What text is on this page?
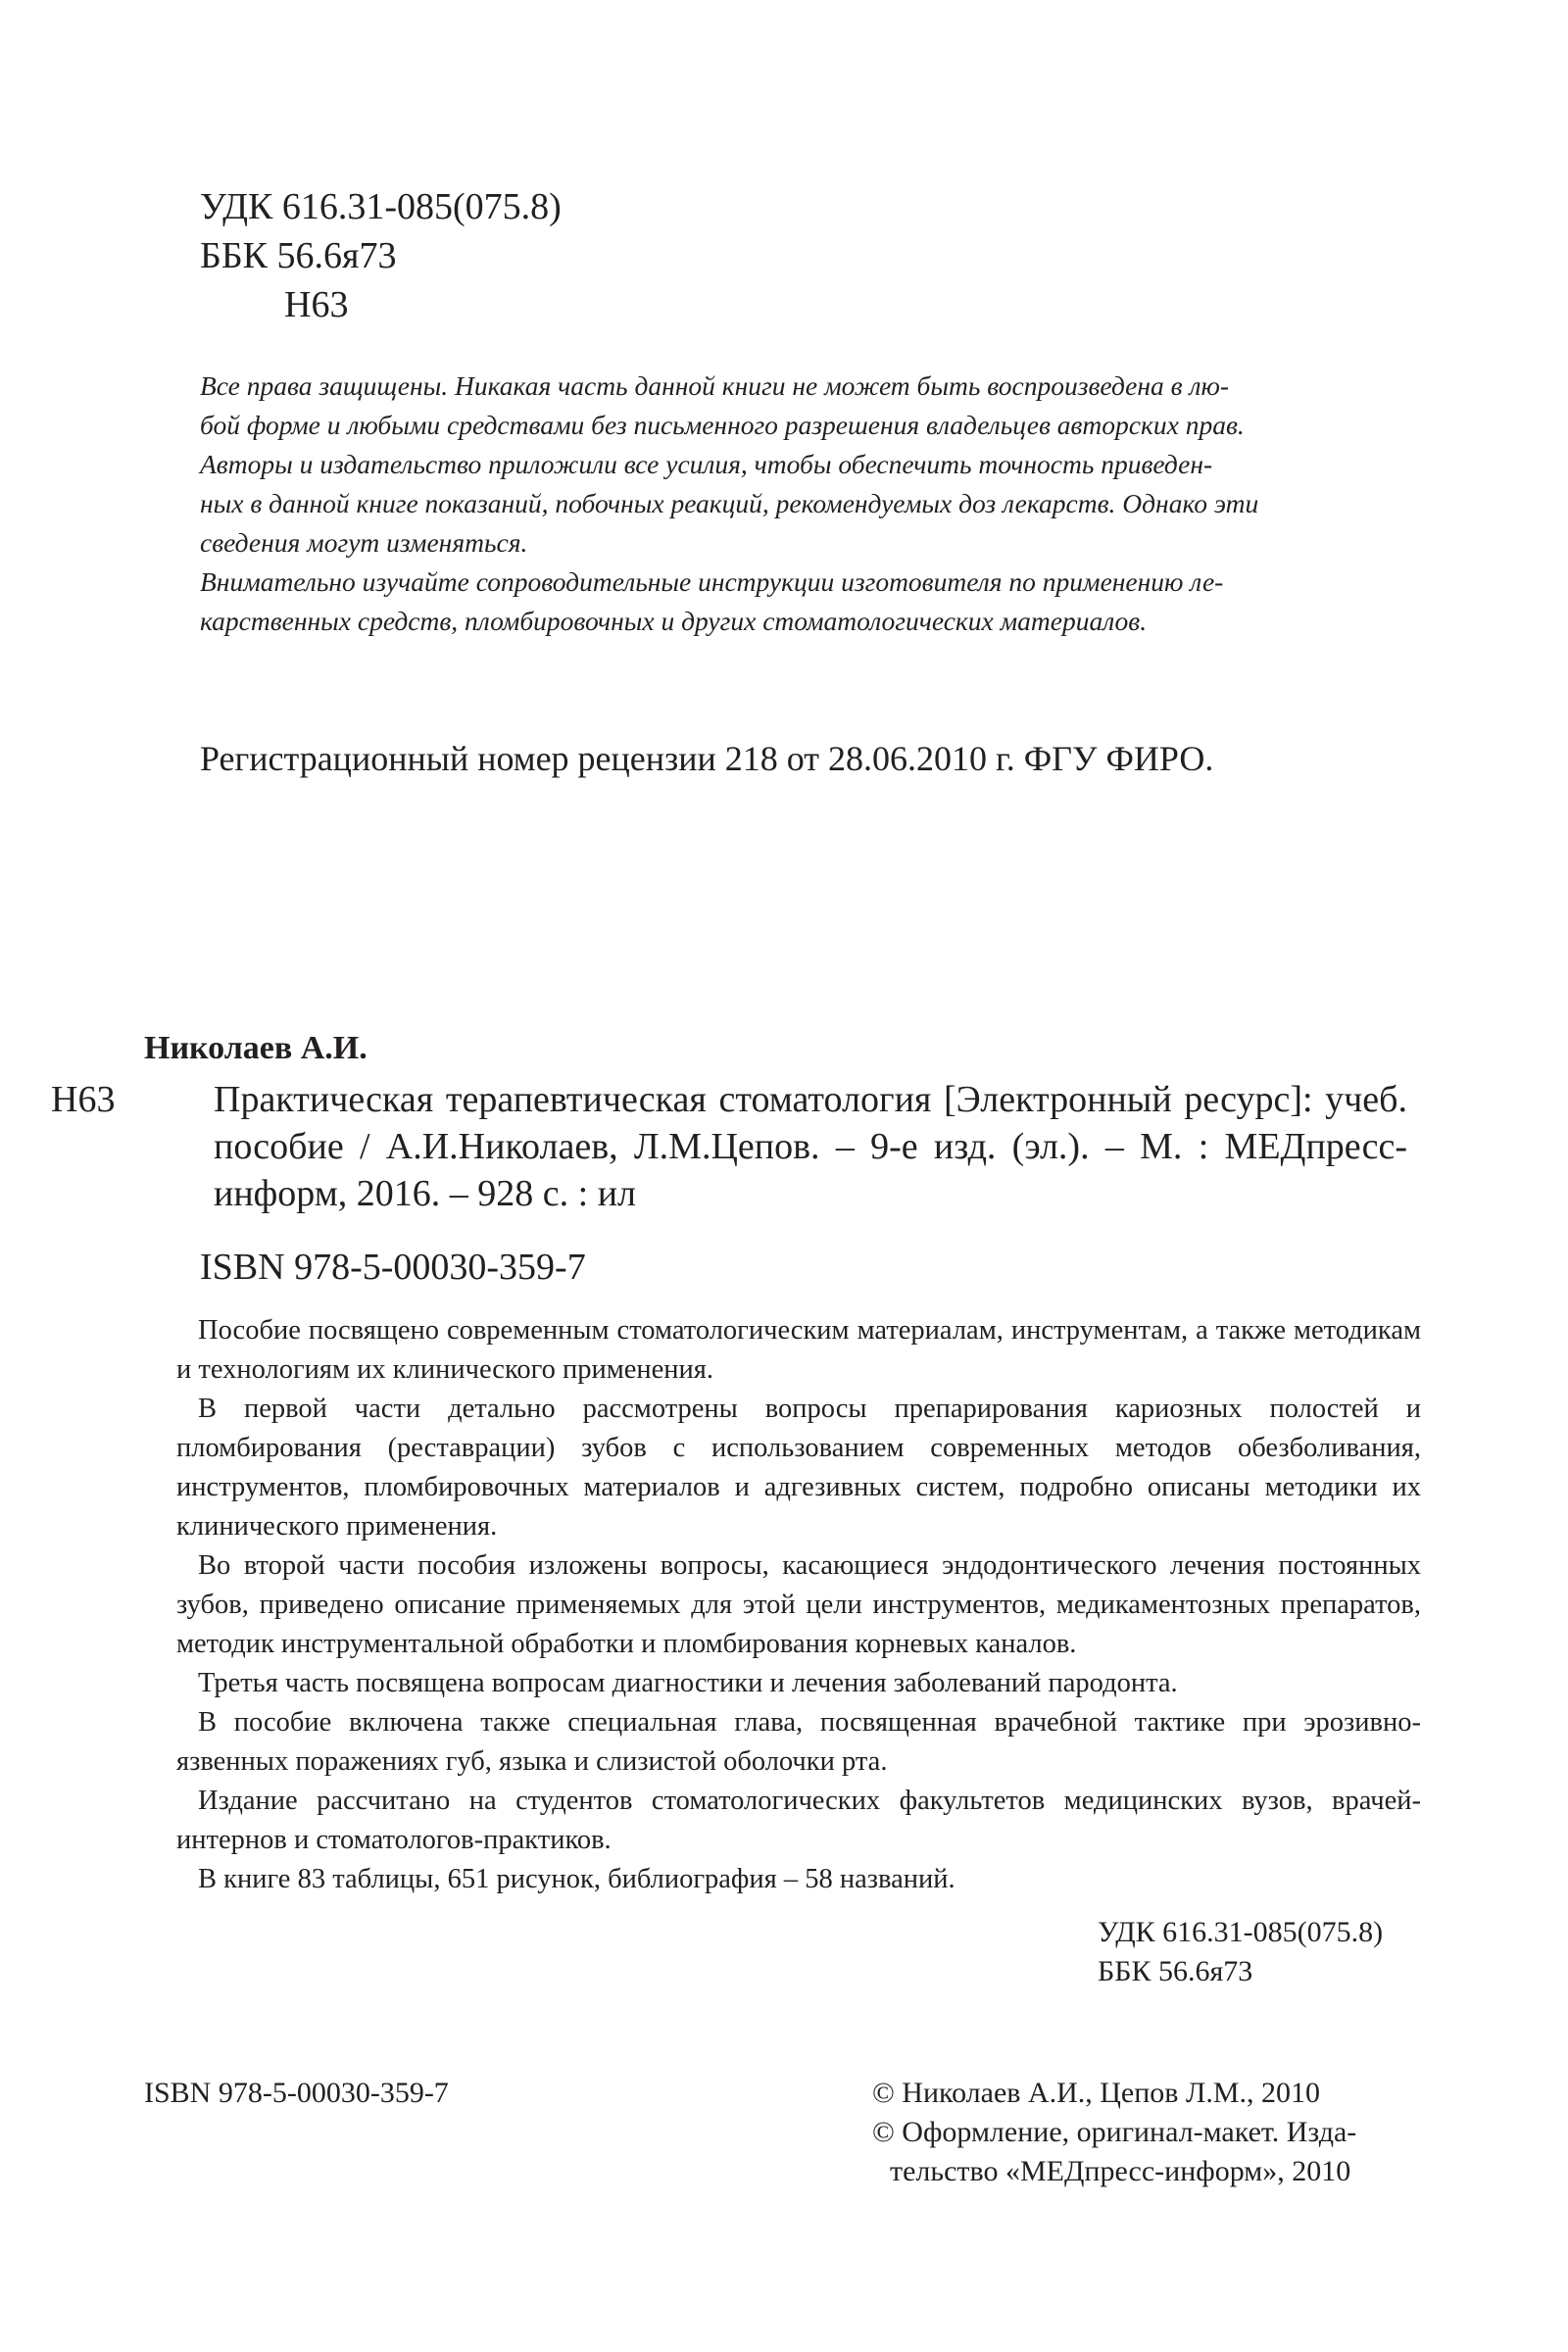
УДК 616.31-085(075.8)
ББК 56.6я73
Н63

Все права защищены. Никакая часть данной книги не может быть воспроизведена в лю-

бой форме и любыми средствами без письменного разрешения владельцев авторских прав.

Авторы и издательство приложили все усилия, чтобы обеспечить точность приведен-

ных в данной книге показаний, побочных реакций, рекомендуемых доз лекарств. Однако эти

сведения могут изменяться.

Внимательно изучайте сопроводительные инструкции изготовителя по применению ле-

карственных средств, пломбировочных и других стоматологических материалов.

Регистрационный номер рецензии 218 от 28.06.2010 г. ФГУ ФИРО.
Николаев А.И.
Н63	Практическая терапевтическая стоматология [Электронный ресурс]: учеб. пособие / А.И.Николаев, Л.М.Цепов. – 9-е изд. (эл.). – М. : МЕДпресс-информ, 2016. – 928 с. : ил
ISBN 978-5-00030-359-7

Пособие посвящено современным стоматологическим материалам, инструментам, а также методикам и технологиям их клинического применения.

В первой части детально рассмотрены вопросы препарирования кариозных полостей и пломбирования (реставрации) зубов с использованием современных методов обезболивания, инструментов, пломбировочных материалов и адгезивных систем, подробно описаны методики их клинического применения.

Во второй части пособия изложены вопросы, касающиеся эндодонтического лечения постоянных зубов, приведено описание применяемых для этой цели инструментов, медикаментозных препаратов, методик инструментальной обработки и пломбирования корневых каналов.

Третья часть посвящена вопросам диагностики и лечения заболеваний пародонта.

В пособие включена также специальная глава, посвященная врачебной тактике при эрозивно-язвенных поражениях губ, языка и слизистой оболочки рта.

Издание рассчитано на студентов стоматологических факультетов медицинских вузов, врачей-интернов и стоматологов-практиков.

В книге 83 таблицы, 651 рисунок, библиография – 58 названий.

УДК 616.31-085(075.8)
ББК 56.6я73
ISBN 978-5-00030-359-7	© Николаев А.И., Цепов Л.М., 2010
© Оформление, оригинал-макет. Изда-
тельство «МЕДпресс-информ», 2010
